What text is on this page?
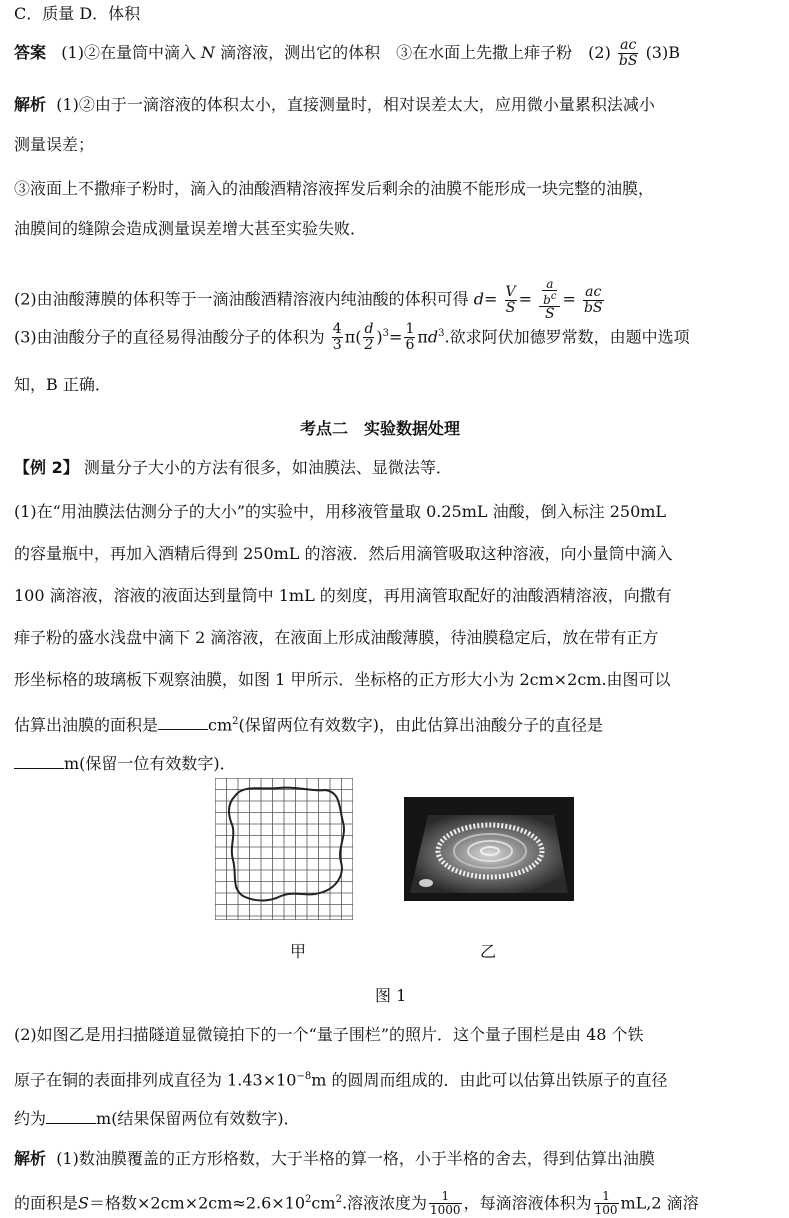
C．质量 D．体积
答案 (1)②在量筒中滴入 N 滴溶液，测出它的体积　③在水面上先撒上痱子粉　$(2) \frac{ac}{bS} (3)B$
解析 (1)②由于一滴溶液的体积太小，直接测量时，相对误差太大，应用微小量累积法减小
测量误差；
③液面上不撒痱子粉时，滴入的油酸酒精溶液挥发后剩余的油膜不能形成一块完整的油膜，
油膜间的缝隙会造成测量误差增大甚至实验失败．
(2)由油酸薄膜的体积等于一滴油酸酒精溶液内纯油酸的体积可得 $d= \frac{V}{S} = \frac{a}{b^c}$
S
= $\frac{ac}{bS}$
(3)由油酸分子的直径易得油酸分子的体积为 $\frac{4}{3} \pi( \frac{d}{2} )^3= \frac{1}{6} \pi d^3$.欲求阿伏加德罗常数，由题中选项
知，B 正确．
考点二　实验数据处理
【例 2】 测量分子大小的方法有很多，如油膜法、显微法等．
(1)在“用油膜法估测分子的大小”的实验中，用移液管量取 0.25mL 油酸，倒入标注 250mL
的容量瓶中，再加入酒精后得到 250mL 的溶液．然后用滴管吸取这种溶液，向小量筒中滴入
100 滴溶液，溶液的液面达到量筒中 1mL 的刻度，再用滴管取配好的油酸酒精溶液，向撒有
痱子粉的盛水浅盘中滴下 2 滴溶液，在液面上形成油酸薄膜，待油膜稳定后，放在带有正方
形坐标格的玻璃板下观察油膜，如图 1 甲所示．坐标格的正方形大小为 2cm×2cm.由图可以
估算出油膜的面积是	$cm^2$(保留两位有效数字)，由此估算出油酸分子的直径是
m(保留一位有效数字)．
甲	乙
图 1
(2)如图乙是用扫描隧道显微镜拍下的一个“量子围栏”的照片．这个量子围栏是由 48 个铁
原子在铜的表面排列成直径为 $1.43\times 10^{-8}m$ 的圆周而组成的．由此可以估算出铁原子的直径
约为	m(结果保留两位有效数字)．
解析 (1)数油膜覆盖的正方形格数，大于半格的算一格，小于半格的舍去，得到估算出油膜
的面积是S＝格数$\times 2cm\times 2cm\approx 2.6\times 10^2cm^2$.溶液浓度为 $\frac{1}{1000}$ ，每滴溶液体积为 $\frac{1}{100} mL,2$ 滴溶
